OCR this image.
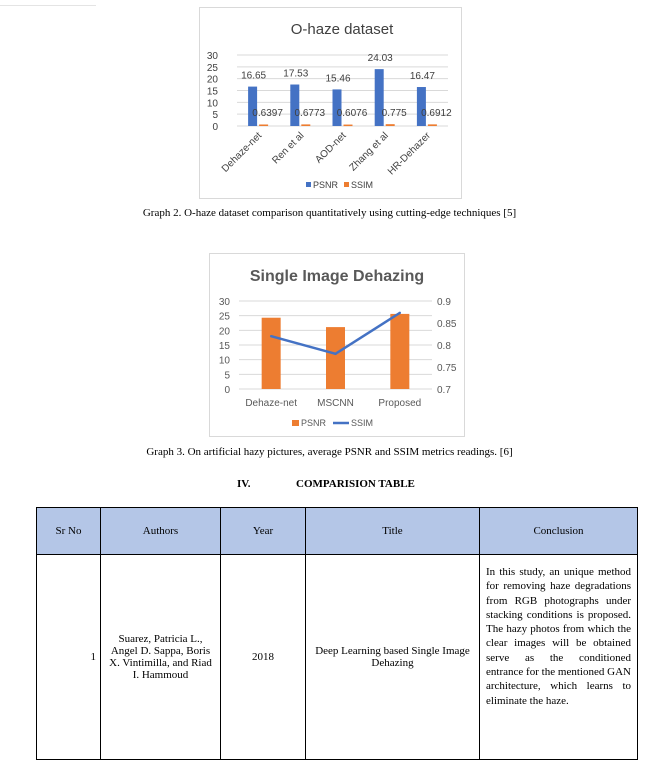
O-haze dataset
0
5
10
15
20
25
30
16.65
0.6397
Dehaze-net
17.53
0.6773
Ren et al
15.46
0.6076
AOD-net
24.03
0.775
Zhang et al
16.47
0.6912
HR-Dehazer
PSNR SSIM
Graph 2. O-haze dataset comparison quantitatively using cutting-edge techniques [5]
Single Image Dehazing
0
5
10
15
20
25
30
0.7
0.75
0.8
0.85
0.9
Dehaze-net MSCNN Proposed
PSNR	SSIM
Graph 3. On artificial hazy pictures, average PSNR and SSIM metrics readings. [6]
IV.	COMPARISION TABLE
Sr No	Authors	Year	Title	Conclusion
1	Suarez, Patricia L., Angel D. Sappa, Boris X. Vintimilla, and Riad I. Hammoud	2018	Deep Learning based Single Image Dehazing	In this study, an unique method for removing haze degradations from RGB photographs under stacking conditions is proposed. The hazy photos from which the clear images will be obtained serve as the conditioned entrance for the mentioned GAN architecture, which learns to eliminate the haze.
